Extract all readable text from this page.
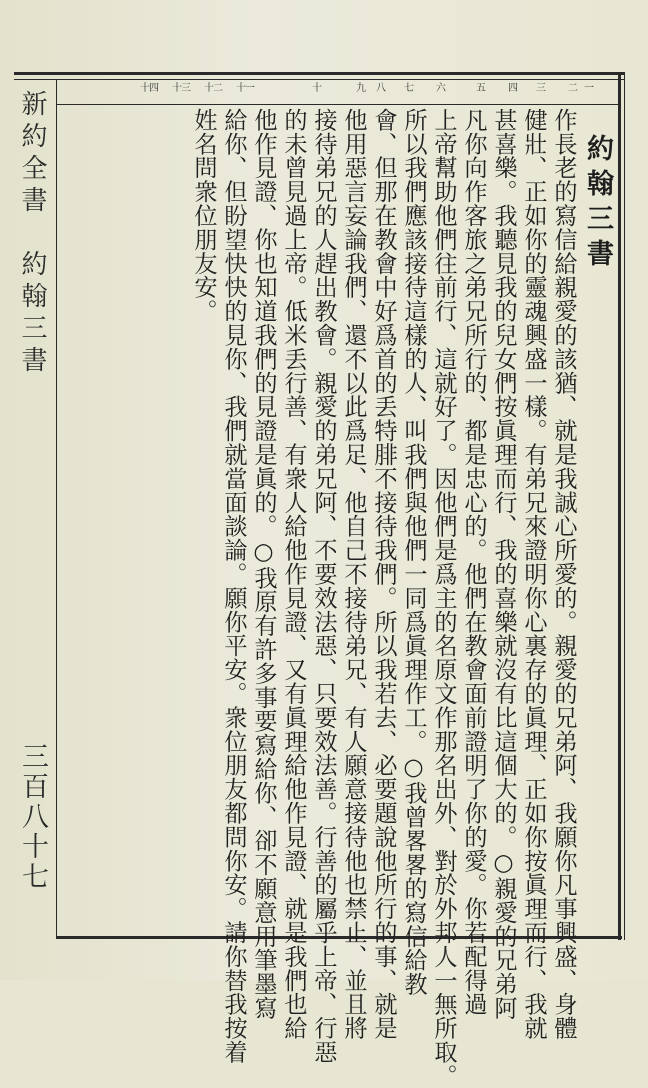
新約全書　約翰三書
三百八十七
一
二
三
四
五
六
七
八
九
十
十一
十二
十三
十四
約翰三書
作長老的寫信給親愛的該猶、就是我誠心所愛的。親愛的兄弟阿、我願你凡事興盛、身體
健壯、正如你的靈魂興盛一樣。有弟兄來證明你心裏存的眞理、正如你按眞理而行、我就
甚喜樂。我聽見我的兒女們按眞理而行、我的喜樂就沒有比這個大的。○親愛的兄弟阿
凡你向作客旅之弟兄所行的、都是忠心的。他們在教會面前證明了你的愛。你若配得過
上帝幫助他們往前行、這就好了。因他們是爲主的名原文作那名出外、對於外邦人一無所取。
所以我們應該接待這樣的人、叫我們與他們一同爲眞理作工。○我曾畧畧的寫信給教
會、但那在教會中好爲首的丢特腓不接待我們。所以我若去、必要題說他所行的事、就是
他用惡言妄論我們、還不以此爲足、他自己不接待弟兄、有人願意接待他也禁止、並且將
接待弟兄的人趕出教會。親愛的弟兄阿、不要效法惡、只要效法善。行善的屬乎上帝、行惡
的未曾見過上帝。低米丢行善、有衆人給他作見證、又有眞理給他作見證、就是我們也給
他作見證、你也知道我們的見證是眞的。○我原有許多事要寫給你、卻不願意用筆墨寫
給你、但盼望快快的見你、我們就當面談論。願你平安。衆位朋友都問你安。請你替我按着
姓名問衆位朋友安。
